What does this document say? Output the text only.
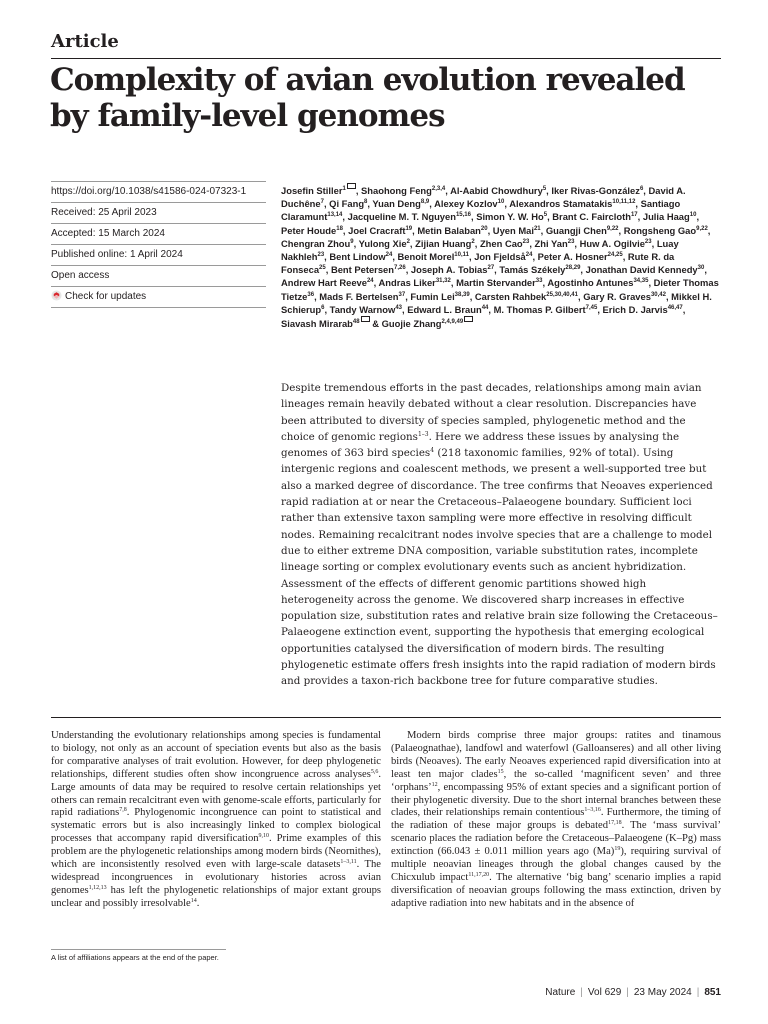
Article
Complexity of avian evolution revealed by family-level genomes
https://doi.org/10.1038/s41586-024-07323-1
Received: 25 April 2023
Accepted: 15 March 2024
Published online: 1 April 2024
Open access
Check for updates

Josefin Stiller$^1$ , Shaohong Feng$^{2,3,4}$, Al-Aabid Chowdhury$^5$, Iker Rivas-González$^6$, David A. Duchêne$^7$, Qi Fang$^8$, Yuan Deng$^{8,9}$, Alexey Kozlov$^{10}$, Alexandros Stamatakis$^{10,11,12}$, Santiago Claramunt$^{13,14}$, Jacqueline M. T. Nguyen$^{15,16}$, Simon Y. W. Ho$^5$, Brant C. Faircloth$^{17}$, Julia Haag$^{10}$, Peter Houde$^{18}$, Joel Cracraft$^{19}$, Metin Balaban$^{20}$, Uyen Mai$^{21}$, Guangji Chen$^{9,22}$, Rongsheng Gao$^{9,22}$, Chengran Zhou$^9$, Yulong Xie$^2$, Zijian Huang$^2$, Zhen Cao$^{23}$, Zhi Yan$^{23}$, Huw A. Ogilvie$^{23}$, Luay Nakhleh$^{23}$, Bent Lindow$^{24}$, Benoit Morel$^{10,11}$, Jon Fjeldså$^{24}$, Peter A. Hosner$^{24,25}$, Rute R. da Fonseca$^{25}$, Bent Petersen$^{7,26}$, Joseph A. Tobias$^{27}$, Tamás Székely$^{28,29}$, Jonathan David Kennedy$^{30}$, Andrew Hart Reeve$^{24}$, Andras Liker$^{31,32}$, Martin Stervander$^{33}$, Agostinho Antunes$^{34,35}$, Dieter Thomas Tietze$^{36}$, Mads F. Bertelsen$^{37}$, Fumin Lei$^{38,39}$, Carsten Rahbek$^{25,30,40,41}$, Gary R. Graves$^{30,42}$, Mikkel H. Schierup$^6$, Tandy Warnow$^{43}$, Edward L. Braun$^{44}$, M. Thomas P. Gilbert$^{7,45}$, Erich D. Jarvis$^{46,47}$, Siavash Mirarab$^{48}$ & Guojie Zhang$^{2,4,9,49}$

Despite tremendous efforts in the past decades, relationships among main avian lineages remain heavily debated without a clear resolution. Discrepancies have been attributed to diversity of species sampled, phylogenetic method and the choice of genomic regions$^{1-3}$. Here we address these issues by analysing the genomes of 363 bird species$^4$ (218 taxonomic families, 92% of total). Using intergenic regions and coalescent methods, we present a well-supported tree but also a marked degree of discordance. The tree confirms that Neoaves experienced rapid radiation at or near the Cretaceous–Palaeogene boundary. Sufficient loci rather than extensive taxon sampling were more effective in resolving difficult nodes. Remaining recalcitrant nodes involve species that are a challenge to model due to either extreme DNA composition, variable substitution rates, incomplete lineage sorting or complex evolutionary events such as ancient hybridization. Assessment of the effects of different genomic partitions showed high heterogeneity across the genome. We discovered sharp increases in effective population size, substitution rates and relative brain size following the Cretaceous–Palaeogene extinction event, supporting the hypothesis that emerging ecological opportunities catalysed the diversification of modern birds. The resulting phylogenetic estimate offers fresh insights into the rapid radiation of modern birds and provides a taxon-rich backbone tree for future comparative studies.

Understanding the evolutionary relationships among species is fundamental to biology, not only as an account of speciation events but also as the basis for comparative analyses of trait evolution. However, for deep phylogenetic relationships, different studies often show incongruence across analyses$^{5,6}$. Large amounts of data may be required to resolve certain relationships yet others can remain recalcitrant even with genome-scale efforts, particularly for rapid radiations$^{7,8}$. Phylogenomic incongruence can point to statistical and systematic errors but is also increasingly linked to complex biological processes that accompany rapid diversification$^{9,10}$. Prime examples of this problem are the phylogenetic relationships among modern birds (Neornithes), which are inconsistently resolved even with large-scale datasets$^{1-3,11}$. The widespread incongruences in evolutionary histories across avian genomes$^{1,12,13}$ has left the phylogenetic relationships of major extant groups unclear and possibly irresolvable$^{14}$.

Modern birds comprise three major groups: ratites and tinamous (Palaeognathae), landfowl and waterfowl (Galloanseres) and all other living birds (Neoaves). The early Neoaves experienced rapid diversification into at least ten major clades$^{15}$, the so-called ‘magnificent seven’ and three ‘orphans’$^{12}$, encompassing 95% of extant species and a significant portion of their phylogenetic diversity. Due to the short internal branches between these clades, their relationships remain contentious$^{1-3,16}$. Furthermore, the timing of the radiation of these major groups is debated$^{17,18}$. The ‘mass survival’ scenario places the radiation before the Cretaceous–Palaeogene (K–Pg) mass extinction (66.043 ± 0.011 million years ago $(Ma)^{19}$), requiring survival of multiple neoavian lineages through the global changes caused by the Chicxulub impact$^{11,17,20}$. The alternative ‘big bang’ scenario implies a rapid diversification of neoavian groups following the mass extinction, driven by adaptive radiation into new habitats and in the absence of

A list of affiliations appears at the end of the paper.

Nature | Vol 629 | 23 May 2024 | 851
